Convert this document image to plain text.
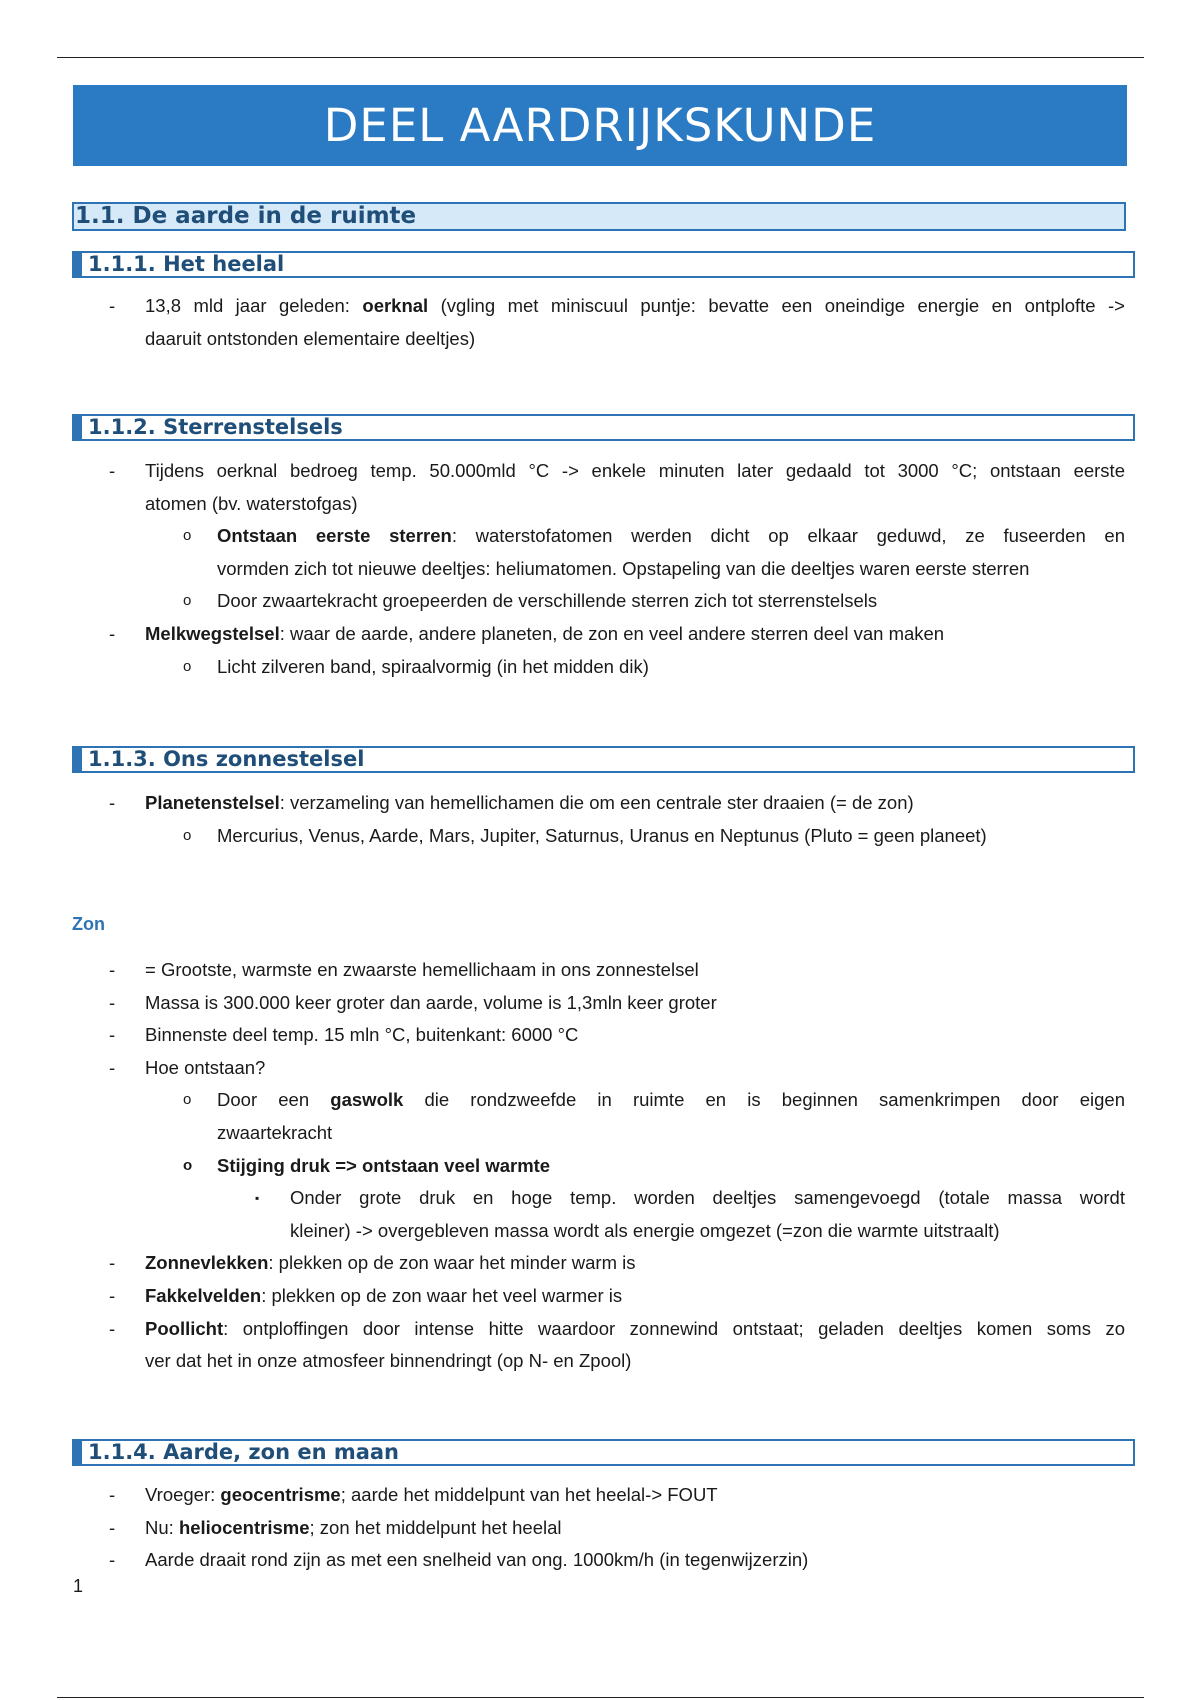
DEEL AARDRIJKSKUNDE
1.1. De aarde in de ruimte
1.1.1. Het heelal
- 13,8 mld jaar geleden: oerknal (vgling met miniscuul puntje: bevatte een oneindige energie en ontplofte ->
daaruit ontstonden elementaire deeltjes)
1.1.2. Sterrenstelsels
- Tijdens oerknal bedroeg temp. 50.000mld °C -> enkele minuten later gedaald tot 3000 °C; ontstaan eerste
atomen (bv. waterstofgas)
o Ontstaan eerste sterren: waterstofatomen werden dicht op elkaar geduwd, ze fuseerden en
vormden zich tot nieuwe deeltjes: heliumatomen. Opstapeling van die deeltjes waren eerste sterren
o Door zwaartekracht groepeerden de verschillende sterren zich tot sterrenstelsels
- Melkwegstelsel: waar de aarde, andere planeten, de zon en veel andere sterren deel van maken
o Licht zilveren band, spiraalvormig (in het midden dik)
1.1.3. Ons zonnestelsel
- Planetenstelsel: verzameling van hemellichamen die om een centrale ster draaien (= de zon)
o Mercurius, Venus, Aarde, Mars, Jupiter, Saturnus, Uranus en Neptunus (Pluto = geen planeet)
Zon
- = Grootste, warmste en zwaarste hemellichaam in ons zonnestelsel
- Massa is 300.000 keer groter dan aarde, volume is 1,3mln keer groter
- Binnenste deel temp. 15 mln °C, buitenkant: 6000 °C
- Hoe ontstaan?
o Door een gaswolk die rondzweefde in ruimte en is beginnen samenkrimpen door eigen
zwaartekracht
o Stijging druk => ontstaan veel warmte
▪ Onder grote druk en hoge temp. worden deeltjes samengevoegd (totale massa wordt
kleiner) -> overgebleven massa wordt als energie omgezet (=zon die warmte uitstraalt)
- Zonnevlekken: plekken op de zon waar het minder warm is
- Fakkelvelden: plekken op de zon waar het veel warmer is
- Poollicht: ontploffingen door intense hitte waardoor zonnewind ontstaat; geladen deeltjes komen soms zo
ver dat het in onze atmosfeer binnendringt (op N- en Zpool)
1.1.4. Aarde, zon en maan
- Vroeger: geocentrisme; aarde het middelpunt van het heelal-> FOUT
- Nu: heliocentrisme; zon het middelpunt het heelal
- Aarde draait rond zijn as met een snelheid van ong. 1000km/h (in tegenwijzerzin)
1
